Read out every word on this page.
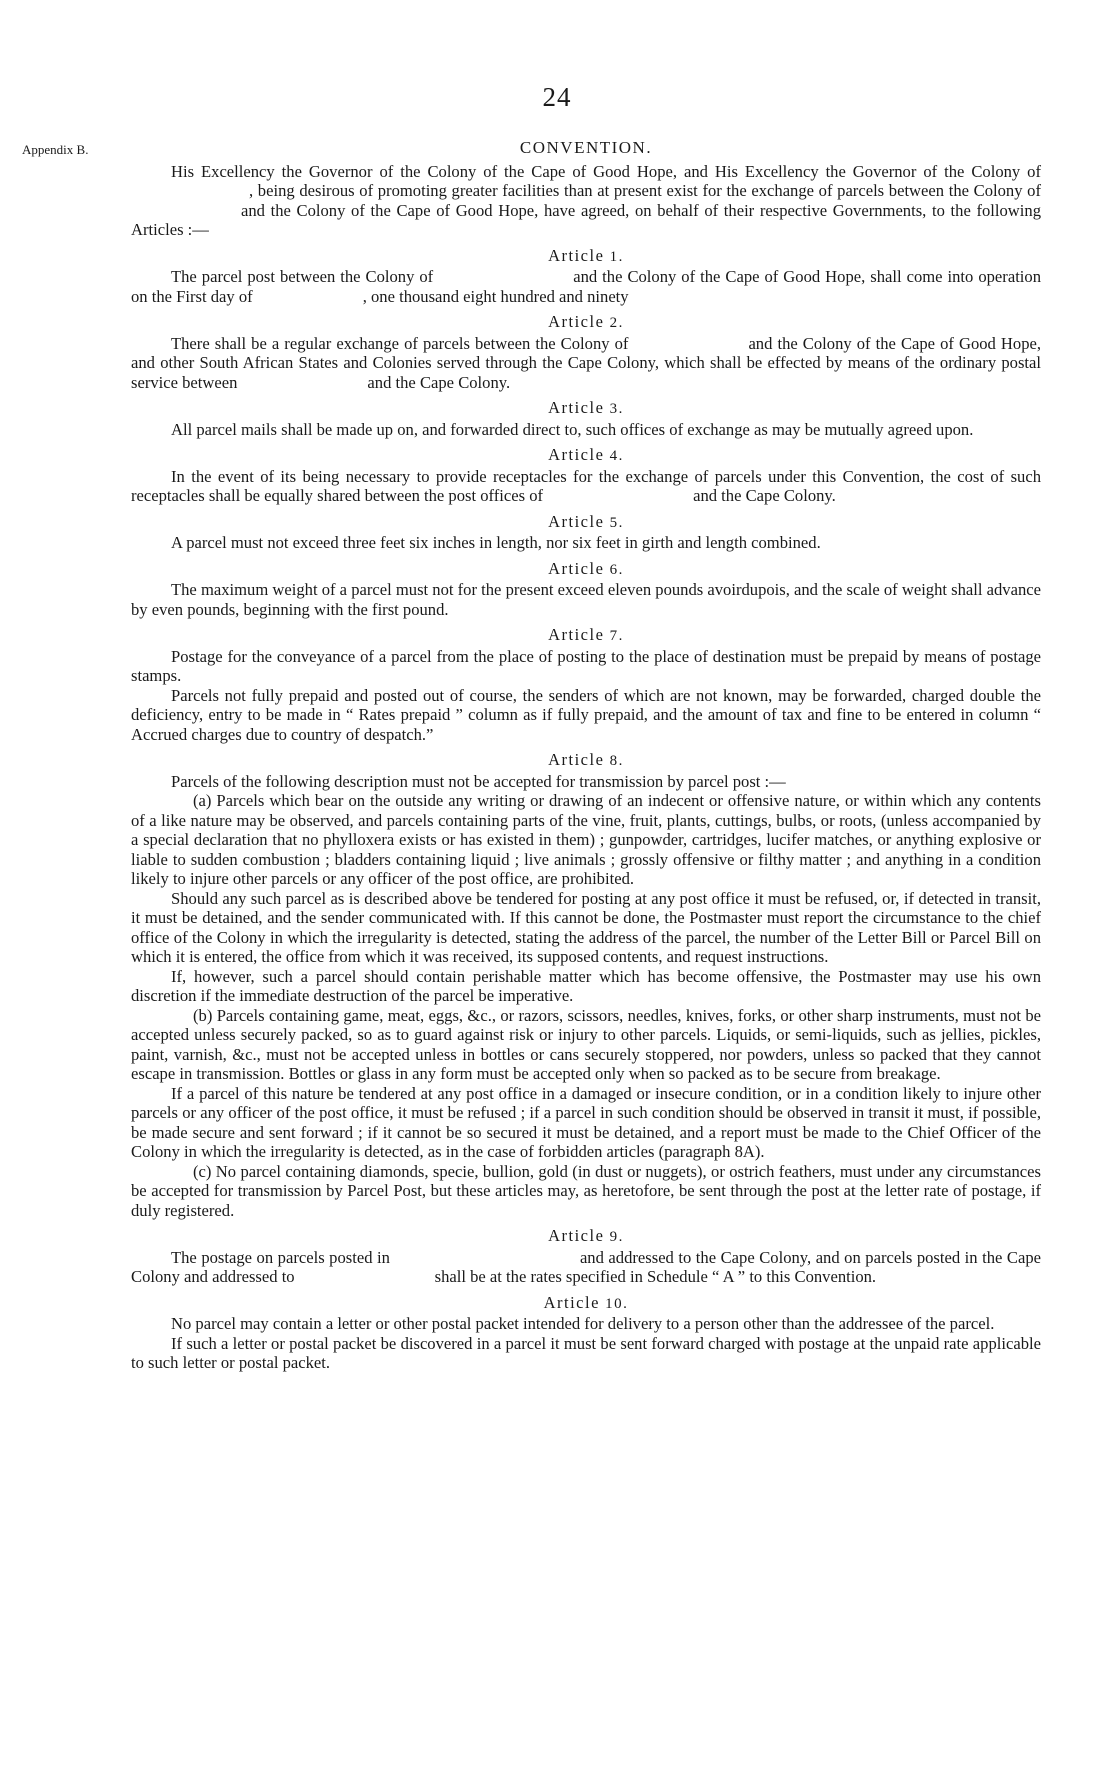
24
Appendix B.	CONVENTION.

His Excellency the Governor of the Colony of the Cape of Good Hope, and His Excellency the Governor of the Colony of, being desirous of promoting greater facilities than at present exist for the exchange of parcels between the Colony ofand the Colony of the Cape of Good Hope, have agreed, on behalf of their respective Governments, to the following Articles :—

Article 1.

The parcel post between the Colony of	and the Colony of the Cape of Good Hope, shall come into operation on the First day of	, one thousand eight hundred and ninety

Article 2.

There shall be a regular exchange of parcels between the Colony of	and the Colony of the Cape of Good Hope, and other South African States and Colonies served through the Cape Colony, which shall be effected by means of the ordinary postal service between	and the Cape Colony.

Article 3.

All parcel mails shall be made up on, and forwarded direct to, such offices of exchange as may be mutually agreed upon.

Article 4.

In the event of its being necessary to provide receptacles for the exchange of parcels under this Convention, the cost of such receptacles shall be equally shared between the post offices of	and the Cape Colony.

Article 5.

A parcel must not exceed three feet six inches in length, nor six feet in girth and length combined.

Article 6.

The maximum weight of a parcel must not for the present exceed eleven pounds avoirdupois, and the scale of weight shall advance by even pounds, beginning with the first pound.

Article 7.

Postage for the conveyance of a parcel from the place of posting to the place of destination must be prepaid by means of postage stamps.

Parcels not fully prepaid and posted out of course, the senders of which are not known, may be forwarded, charged double the deficiency, entry to be made in “ Rates prepaid ” column as if fully prepaid, and the amount of tax and fine to be entered in column “ Accrued charges due to country of despatch.”

Article 8.

Parcels of the following description must not be accepted for transmission by parcel post :—

(a) Parcels which bear on the outside any writing or drawing of an indecent or offensive nature, or within which any contents of a like nature may be observed, and parcels containing parts of the vine, fruit, plants, cuttings, bulbs, or roots, (unless accompanied by a special declaration that no phylloxera exists or has existed in them) ; gunpowder, cartridges, lucifer matches, or anything explosive or liable to sudden combustion ; bladders containing liquid ; live animals ; grossly offensive or filthy matter ; and anything in a condition likely to injure other parcels or any officer of the post office, are prohibited.

Should any such parcel as is described above be tendered for posting at any post office it must be refused, or, if detected in transit, it must be detained, and the sender communicated with. If this cannot be done, the Postmaster must report the circumstance to the chief office of the Colony in which the irregularity is detected, stating the address of the parcel, the number of the Letter Bill or Parcel Bill on which it is entered, the office from which it was received, its supposed contents, and request instructions.

If, however, such a parcel should contain perishable matter which has become offensive, the Postmaster may use his own discretion if the immediate destruction of the parcel be imperative.

(b) Parcels containing game, meat, eggs, &c., or razors, scissors, needles, knives, forks, or other sharp instruments, must not be accepted unless securely packed, so as to guard against risk or injury to other parcels. Liquids, or semi-liquids, such as jellies, pickles, paint, varnish, &c., must not be accepted unless in bottles or cans securely stoppered, nor powders, unless so packed that they cannot escape in transmission. Bottles or glass in any form must be accepted only when so packed as to be secure from breakage.

If a parcel of this nature be tendered at any post office in a damaged or insecure condition, or in a condition likely to injure other parcels or any officer of the post office, it must be refused ; if a parcel in such condition should be observed in transit it must, if possible, be made secure and sent forward ; if it cannot be so secured it must be detained, and a report must be made to the Chief Officer of the Colony in which the irregularity is detected, as in the case of forbidden articles (paragraph 8A).

(c) No parcel containing diamonds, specie, bullion, gold (in dust or nuggets), or ostrich feathers, must under any circumstances be accepted for transmission by Parcel Post, but these articles may, as heretofore, be sent through the post at the letter rate of postage, if duly registered.

Article 9.

The postage on parcels posted in	and addressed to the Cape Colony, and on parcels posted in the Cape Colony and addressed to	shall be at the rates specified in Schedule “ A ” to this Convention.

Article 10.

No parcel may contain a letter or other postal packet intended for delivery to a person other than the addressee of the parcel.

If such a letter or postal packet be discovered in a parcel it must be sent forward charged with postage at the unpaid rate applicable to such letter or postal packet.
